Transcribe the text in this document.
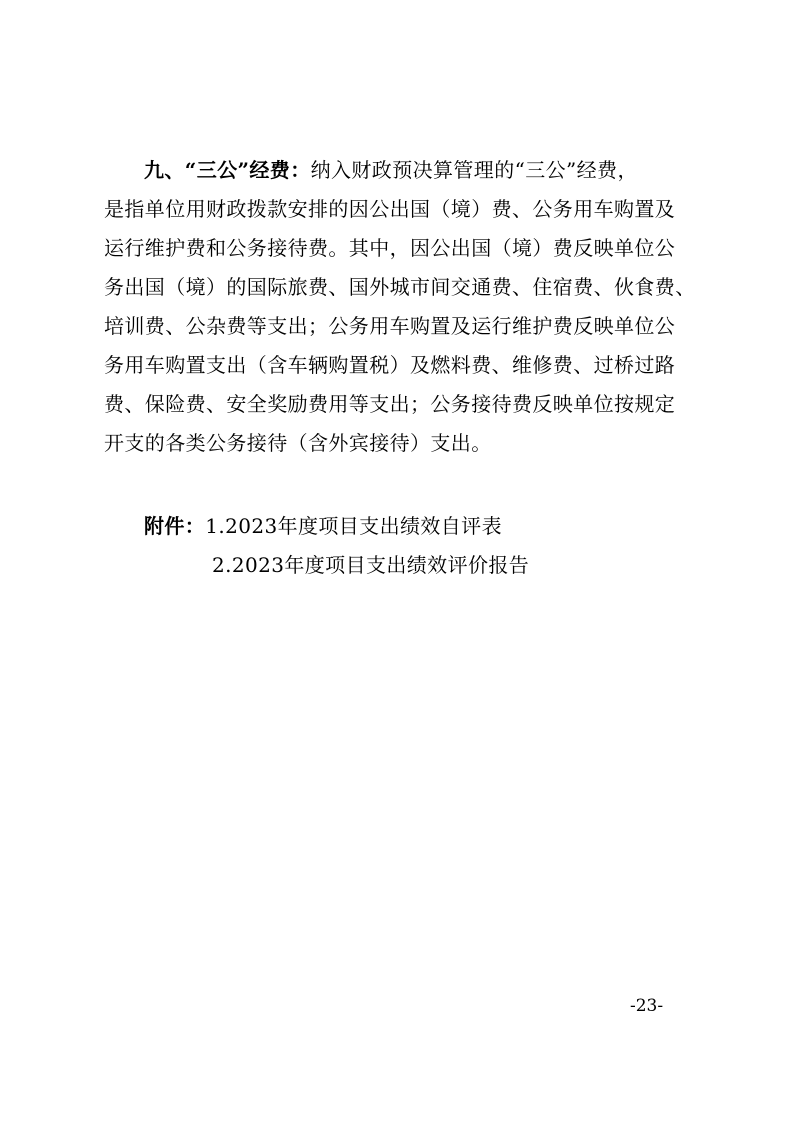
九、“三公”经费：纳入财政预决算管理的“三公”经费，
是指单位用财政拨款安排的因公出国（境）费、公务用车购置及
运行维护费和公务接待费。其中，因公出国（境）费反映单位公
务出国（境）的国际旅费、国外城市间交通费、住宿费、伙食费、
培训费、公杂费等支出；公务用车购置及运行维护费反映单位公
务用车购置支出（含车辆购置税）及燃料费、维修费、过桥过路
费、保险费、安全奖励费用等支出；公务接待费反映单位按规定
开支的各类公务接待（含外宾接待）支出。
附件：1.2023年度项目支出绩效自评表
2.2023年度项目支出绩效评价报告
-23-
